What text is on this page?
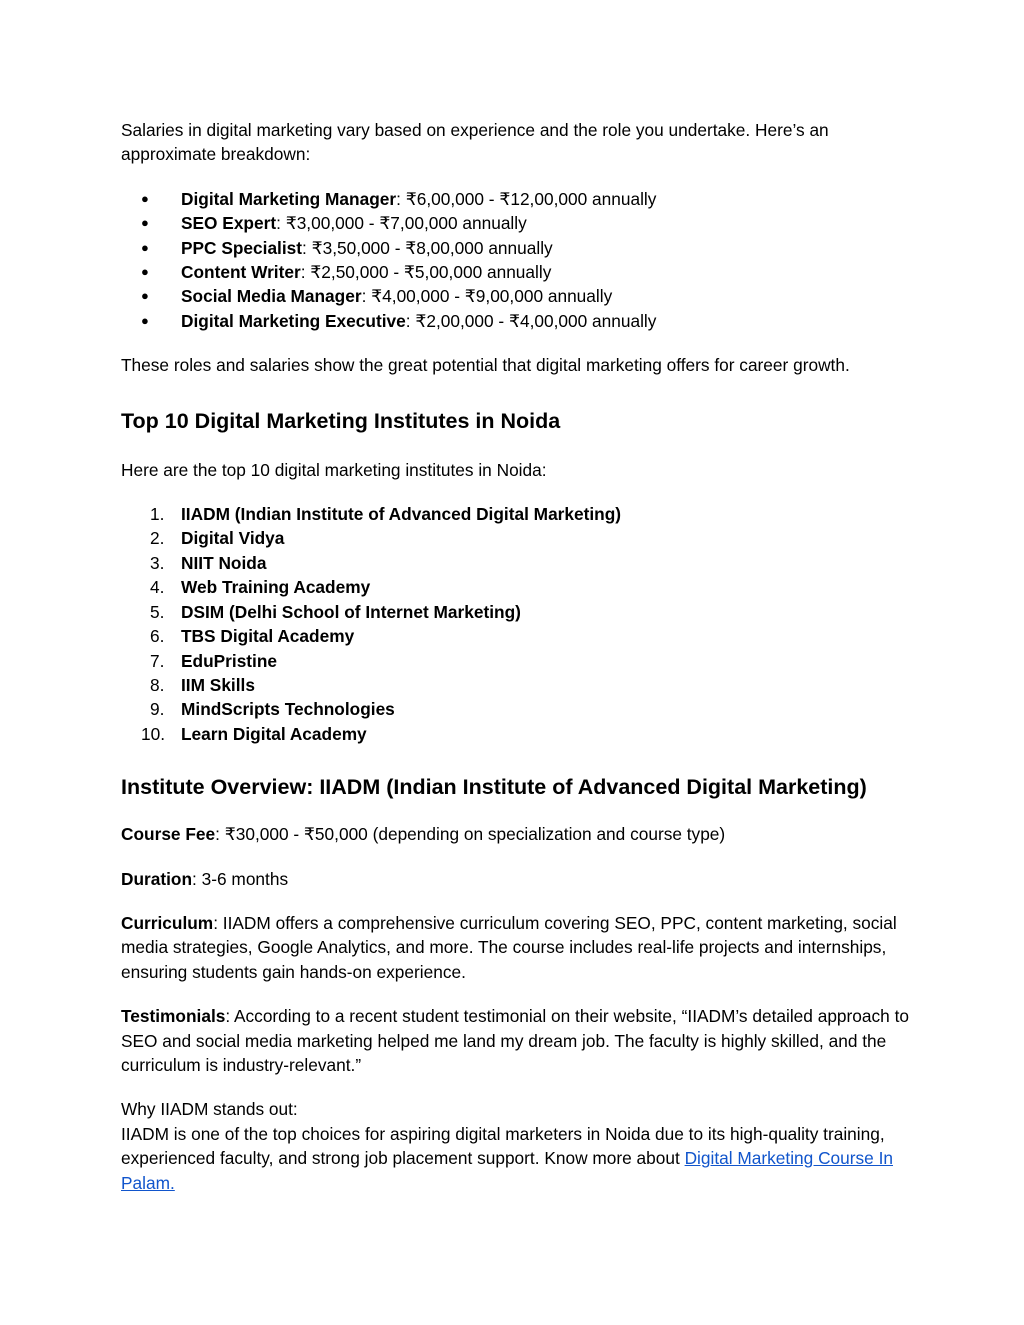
Salaries in digital marketing vary based on experience and the role you undertake. Here’s an approximate breakdown:

● Digital Marketing Manager: ₹6,00,000 - ₹12,00,000 annually
● SEO Expert: ₹3,00,000 - ₹7,00,000 annually
● PPC Specialist: ₹3,50,000 - ₹8,00,000 annually
● Content Writer: ₹2,50,000 - ₹5,00,000 annually
● Social Media Manager: ₹4,00,000 - ₹9,00,000 annually
● Digital Marketing Executive: ₹2,00,000 - ₹4,00,000 annually

These roles and salaries show the great potential that digital marketing offers for career growth.

Top 10 Digital Marketing Institutes in Noida

Here are the top 10 digital marketing institutes in Noida:

1. IIADM (Indian Institute of Advanced Digital Marketing)
2. Digital Vidya
3. NIIT Noida
4. Web Training Academy
5. DSIM (Delhi School of Internet Marketing)
6. TBS Digital Academy
7. EduPristine
8. IIM Skills
9. MindScripts Technologies
10. Learn Digital Academy
Institute Overview: IIADM (Indian Institute of Advanced Digital Marketing)

Course Fee: ₹30,000 - ₹50,000 (depending on specialization and course type)

Duration: 3-6 months

Curriculum: IIADM offers a comprehensive curriculum covering SEO, PPC, content marketing, social media strategies, Google Analytics, and more. The course includes real-life projects and internships, ensuring students gain hands-on experience.

Testimonials: According to a recent student testimonial on their website, “IIADM’s detailed approach to SEO and social media marketing helped me land my dream job. The faculty is highly skilled, and the curriculum is industry-relevant.”

Why IIADM stands out:

IIADM is one of the top choices for aspiring digital marketers in Noida due to its high-quality training, experienced faculty, and strong job placement support. Know more about Digital Marketing Course In Palam.
